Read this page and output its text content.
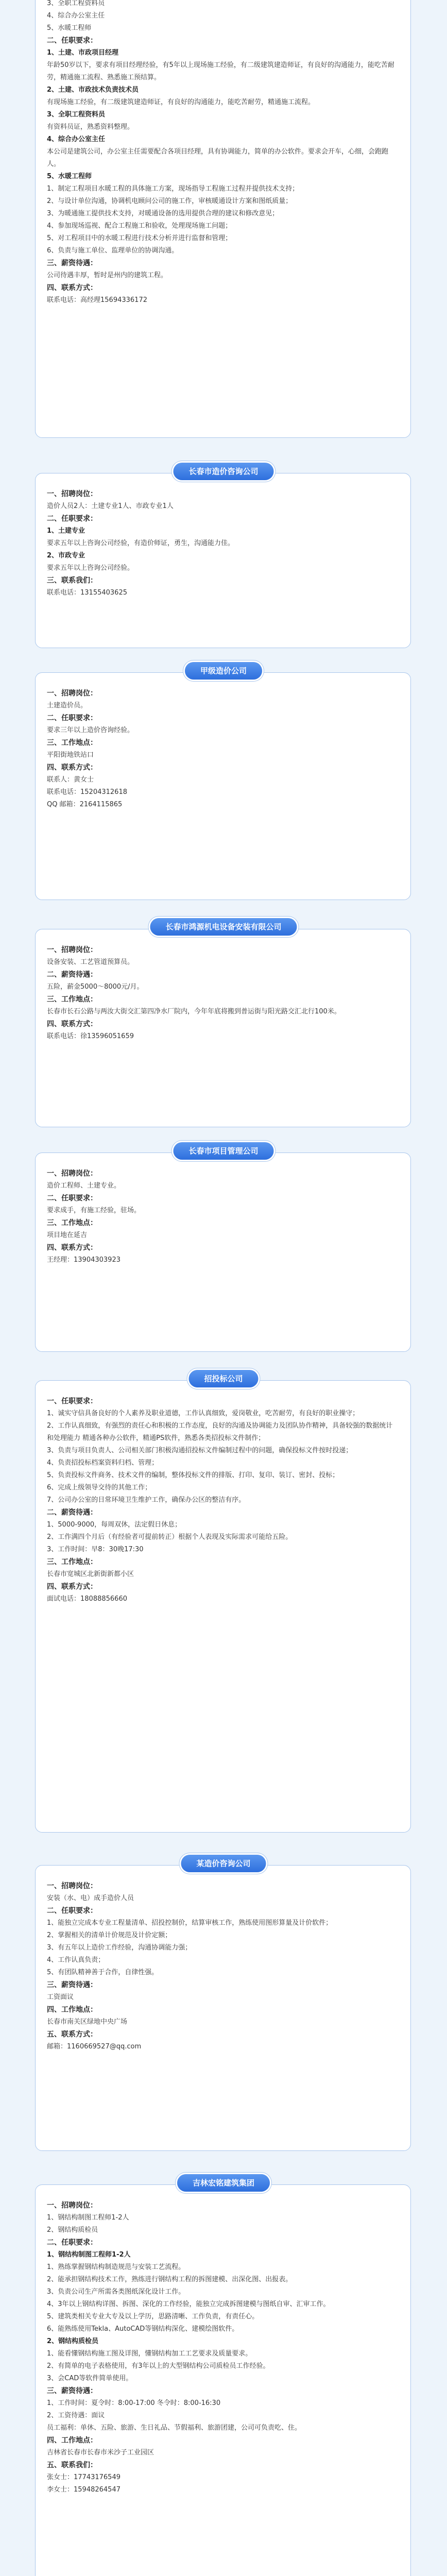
3、全职工程资料员
4、综合办公室主任
5、水暖工程师
二、任职要求：
1、土建、市政项目经理
年龄50岁以下，要求有项目经理经验，有5年以上现场施工经验，有二级建筑建造师证，有良好的沟通能力，能吃苦耐劳，精通施工流程、熟悉施工预结算。
2、土建、市政技术负责技术员
有现场施工经验，有二级建筑建造师证，有良好的沟通能力，能吃苦耐劳，精通施工流程。
3、全职工程资料员
有资料员证，熟悉资料整理。
4、综合办公室主任
本公司是建筑公司，办公室主任需要配合各项目经理，具有协调能力，简单的办公软件。要求会开车，心细，会跑跑人。
5、水暖工程师
1、制定工程项目水暖工程的具体施工方案，现场指导工程施工过程并提供技术支持；
2、与设计单位沟通，协调机电顾问公司的施工作，审核暖通设计方案和图纸质量；
3、为暖通施工提供技术支持，对暖通设备的选用提供合理的建议和修改意见；
4、参加现场巡视、配合工程施工和验收，处理现场施工问题；
5、对工程项目中的水暖工程进行技术分析并进行监督和管理；
6、负责与施工单位、监理单位的协调沟通。
三、薪资待遇：
公司待遇丰厚，暂时是州内的建筑工程。
四、联系方式：
联系电话：高经理15694336172
一、招聘岗位：
造价人员2人：土建专业1人、市政专业1人
二、任职要求：
1、土建专业
要求五年以上咨询公司经验，有造价师证，勇生，沟通能力佳。
2、市政专业
要求五年以上咨询公司经验。
三、联系我们：
联系电话：13155403625
长春市造价咨询公司
一、招聘岗位：
土建造价员。
二、任职要求：
要求三年以上造价咨询经验。
三、工作地点：
平阳街地铁站口
四、联系方式：
联系人：黄女士
联系电话：15204312618
QQ 邮箱：2164115865
甲级造价公司
一、招聘岗位：
设备安装、工艺管道预算员。
二、薪资待遇：
五险，薪金5000～8000元/月。
三、工作地点：
长春市长石公路与两汝大街交汇第四净水厂院内，今年年底将搬到普运街与阳光路交汇北行100米。
四、联系方式：
联系电话：徐13596051659
长春市鸿源机电设备安装有限公司
一、招聘岗位：
造价工程师、土建专业。
二、任职要求：
要求成手，有施工经验，驻场。
三、工作地点：
项目地在延吉
四、联系方式：
王经理：13904303923
长春市项目管理公司
一、任职要求：
1、诚实守信具备良好的个人素养及职业道德，工作认真细致，爱岗敬业，吃苦耐劳，有良好的职业操守；
2、工作认真细致，有强烈的责任心和积极的工作态度，良好的沟通及协调能力及团队协作精神，具备较强的数据统计和处理能力 精通各种办公软件，精通PS软件，熟悉各类招投标文件制作；
3、负责与项目负责人、公司相关部门积极沟通招投标文件编制过程中的问题，确保投标文件按时投递；
4、负责招投标档案资料归档、管理；
5、负责投标文件商务、技术文件的编制，整体投标文件的排版、打印、复印、装订、密封、投标；
6、完成上级领导交待的其他工作；
7、公司办公室的日常环境卫生维护工作，确保办公区的整洁有序。
二、薪资待遇：
1、5000-9000，每周双休，法定假日休息；
2、工作满四个月后（有经验者可提前转正）根据个人表现及实际需求可能给五险。
3、工作时间：早8：30晚17:30
三、工作地点：
长春市宽城区北新街新都小区
四、联系方式：
面试电话：18088856660
招投标公司
一、招聘岗位：
安装（水、电）成手造价人员
二、任职要求：
1、能独立完成本专业工程量清单、招投控制价，结算审核工作，熟练使用图形算量及计价软件；
2、掌握相关的清单计价规范及计价定额；
3、有五年以上造价工作经验，沟通协调能力强；
4、工作认真负责；
5、有团队精神善于合作，自律性强。
三、薪资待遇：
工资面议
四、工作地点：
长春市南关区绿地中央广场
五、联系方式：
邮箱：1160669527@qq.com
某造价咨询公司
一、招聘岗位：
1、钢结构制图工程师1-2人
2、钢结构质检员
二、任职要求：
1、钢结构制图工程师1-2人
1、熟练掌握钢结构制造规范与安装工艺流程。
2、能承担钢结构技术工作，熟练进行钢结构工程的拆图建模、出深化图、出报表。
3、负责公司生产所需各类图纸深化设计工作。
4、3年以上钢结构详图、拆图、深化的工作经验，能独立完成拆图建模与图纸自审、汇审工作。
5、建筑类相关专业大专及以上学历，思路清晰、工作负责，有责任心。
6、能熟练使用Tekla、AutoCAD等钢结构深化、建模绘图软件。
2、钢结构质检员
1、能看懂钢结构施工图及详图，懂钢结构加工工艺要求及质量要求。
2、有简单的电子表格使用，有3年以上的大型钢结构公司质检员工作经验。
3、会CAD等软件简单使用。
三、薪资待遇：
1、工作时间：夏令时：8:00-17:00 冬令时：8:00-16:30
2、工资待遇：面议
员工福利：单休、五险、旅游、生日礼品、节假福利、旅游团建，公司可负责吃、住。
四、工作地点：
吉林省长春市长春市米沙子工业园区
五、联系我们：
张女士：17743176549
李女士：15948264547
吉林宏铭建筑集团
